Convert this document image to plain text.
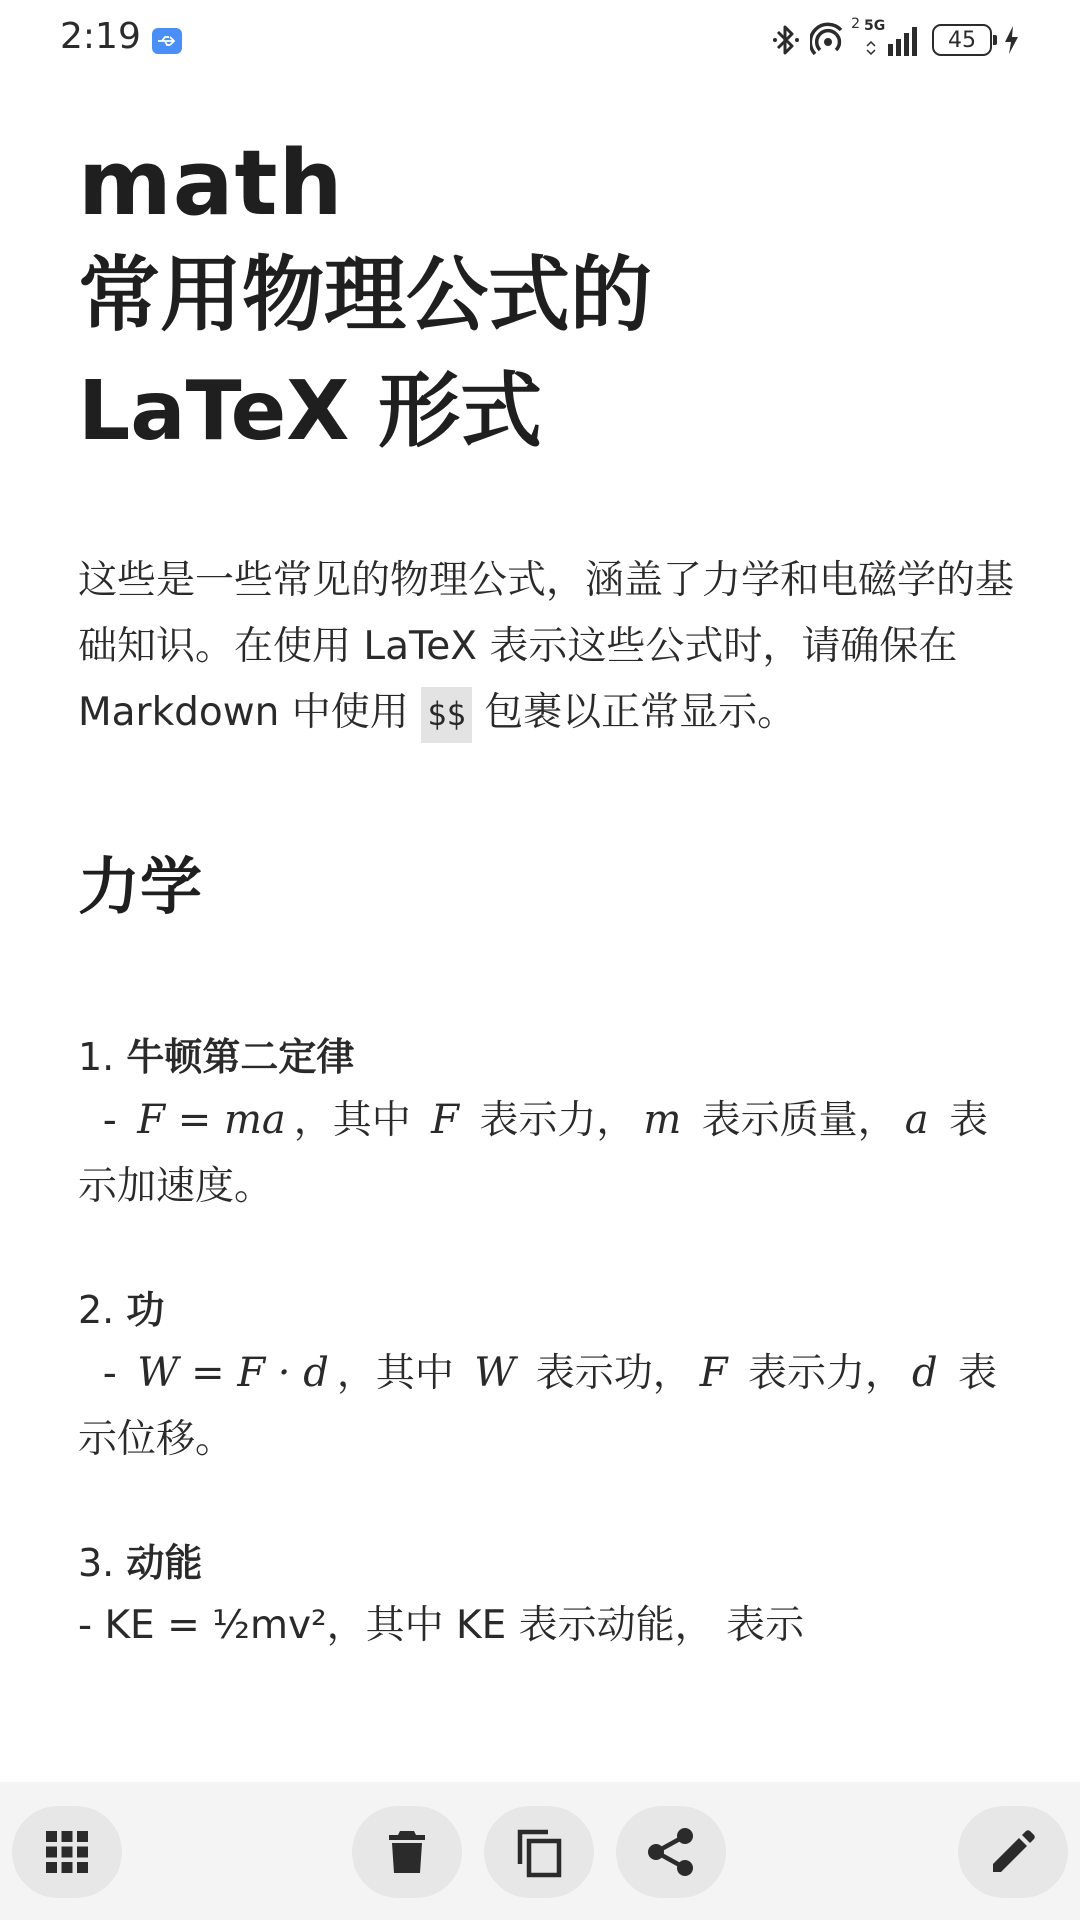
2:19	2 5G
45
math
常用物理公式的 LaTeX 形式

这些是一些常见的物理公式，涵盖了力学和电磁学的基础知识。在使用 LaTeX 表示这些公式时，请确保在 Markdown 中使用 $$ 包裹以正常显示。

力学
1. 牛顿第二定律
- F = ma ，其中 F 表示力， m 表示质量， a 表示加速度。
2. 功
- W = F · d ，其中 W 表示功， F 表示力， d 表示位移。
3. 动能
- KE = ½mv²，其中 KE 表示动能， 表示
